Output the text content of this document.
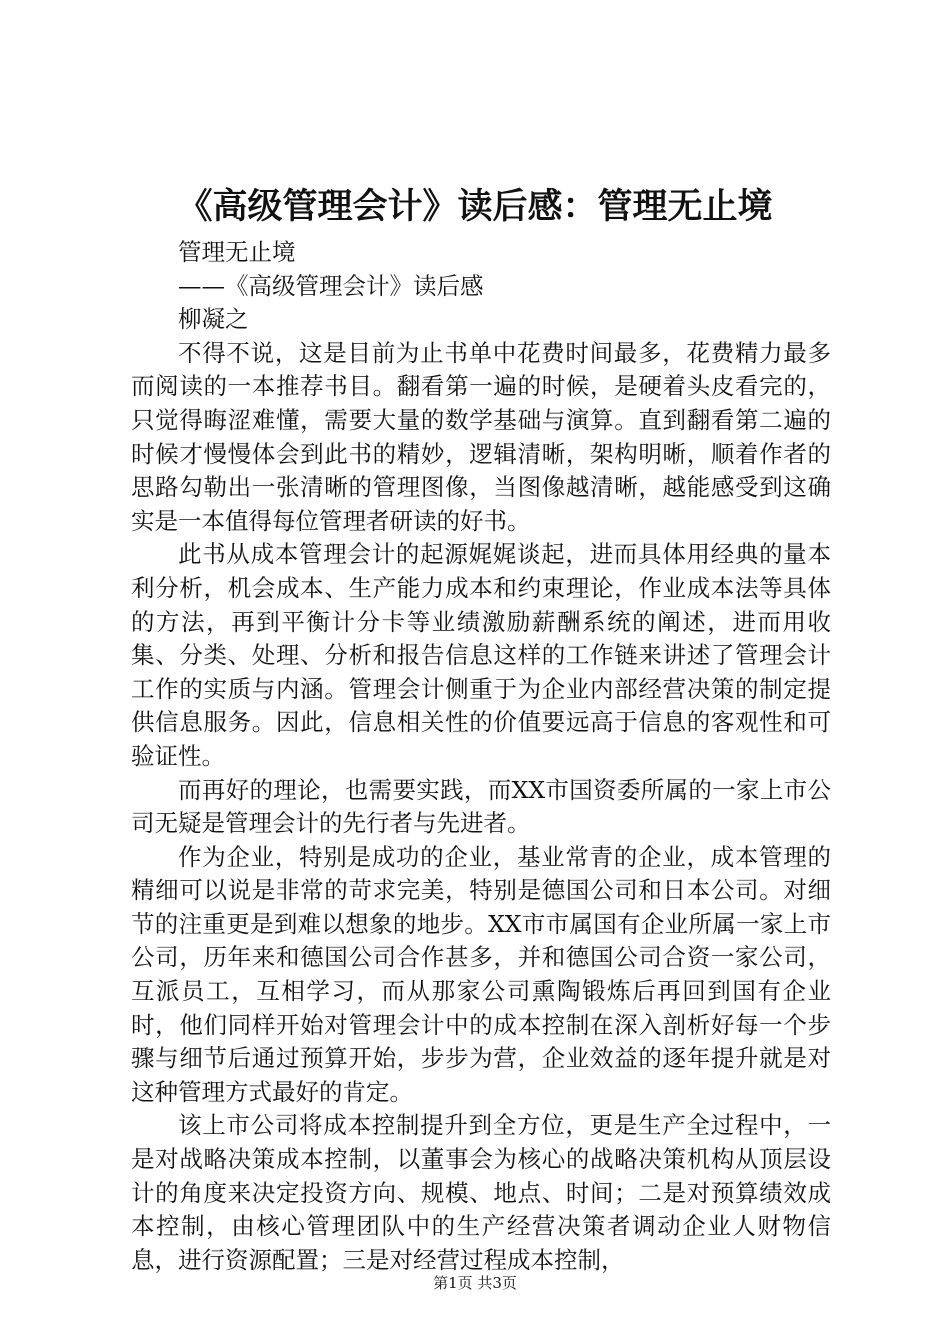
《高级管理会计》读后感：管理无止境

管理无止境

——《高级管理会计》读后感

柳凝之

不得不说，这是目前为止书单中花费时间最多，花费精力最多而阅读的一本推荐书目。翻看第一遍的时候，是硬着头皮看完的，只觉得晦涩难懂，需要大量的数学基础与演算。直到翻看第二遍的时候才慢慢体会到此书的精妙，逻辑清晰，架构明晰，顺着作者的思路勾勒出一张清晰的管理图像，当图像越清晰，越能感受到这确实是一本值得每位管理者研读的好书。

此书从成本管理会计的起源娓娓谈起，进而具体用经典的量本利分析，机会成本、生产能力成本和约束理论，作业成本法等具体的方法，再到平衡计分卡等业绩激励薪酬系统的阐述，进而用收集、分类、处理、分析和报告信息这样的工作链来讲述了管理会计工作的实质与内涵。管理会计侧重于为企业内部经营决策的制定提供信息服务。因此，信息相关性的价值要远高于信息的客观性和可验证性。

而再好的理论，也需要实践，而XX市国资委所属的一家上市公司无疑是管理会计的先行者与先进者。

作为企业，特别是成功的企业，基业常青的企业，成本管理的精细可以说是非常的苛求完美，特别是德国公司和日本公司。对细节的注重更是到难以想象的地步。XX市市属国有企业所属一家上市公司，历年来和德国公司合作甚多，并和德国公司合资一家公司，互派员工，互相学习，而从那家公司熏陶锻炼后再回到国有企业时，他们同样开始对管理会计中的成本控制在深入剖析好每一个步骤与细节后通过预算开始，步步为营，企业效益的逐年提升就是对这种管理方式最好的肯定。

该上市公司将成本控制提升到全方位，更是生产全过程中，一是对战略决策成本控制，以董事会为核心的战略决策机构从顶层设计的角度来决定投资方向、规模、地点、时间；二是对预算绩效成本控制，由核心管理团队中的生产经营决策者调动企业人财物信息，进行资源配置；三是对经营过程成本控制，

第1页 共3页
